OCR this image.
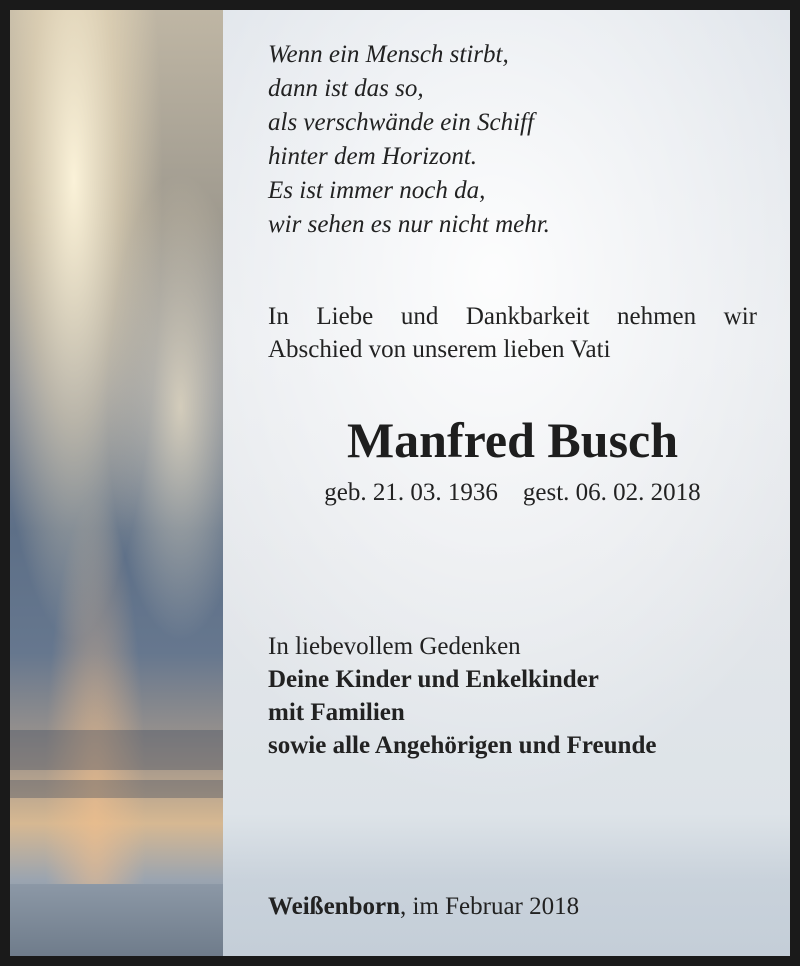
Wenn ein Mensch stirbt,
dann ist das so,
als verschwände ein Schiff
hinter dem Horizont.
Es ist immer noch da,
wir sehen es nur nicht mehr.
In Liebe und Dankbarkeit nehmen wir
Abschied von unserem lieben Vati
Manfred Busch
geb. 21. 03. 1936 gest. 06. 02. 2018
In liebevollem Gedenken
Deine Kinder und Enkelkinder
mit Familien
sowie alle Angehörigen und Freunde
Weißenborn, im Februar 2018
